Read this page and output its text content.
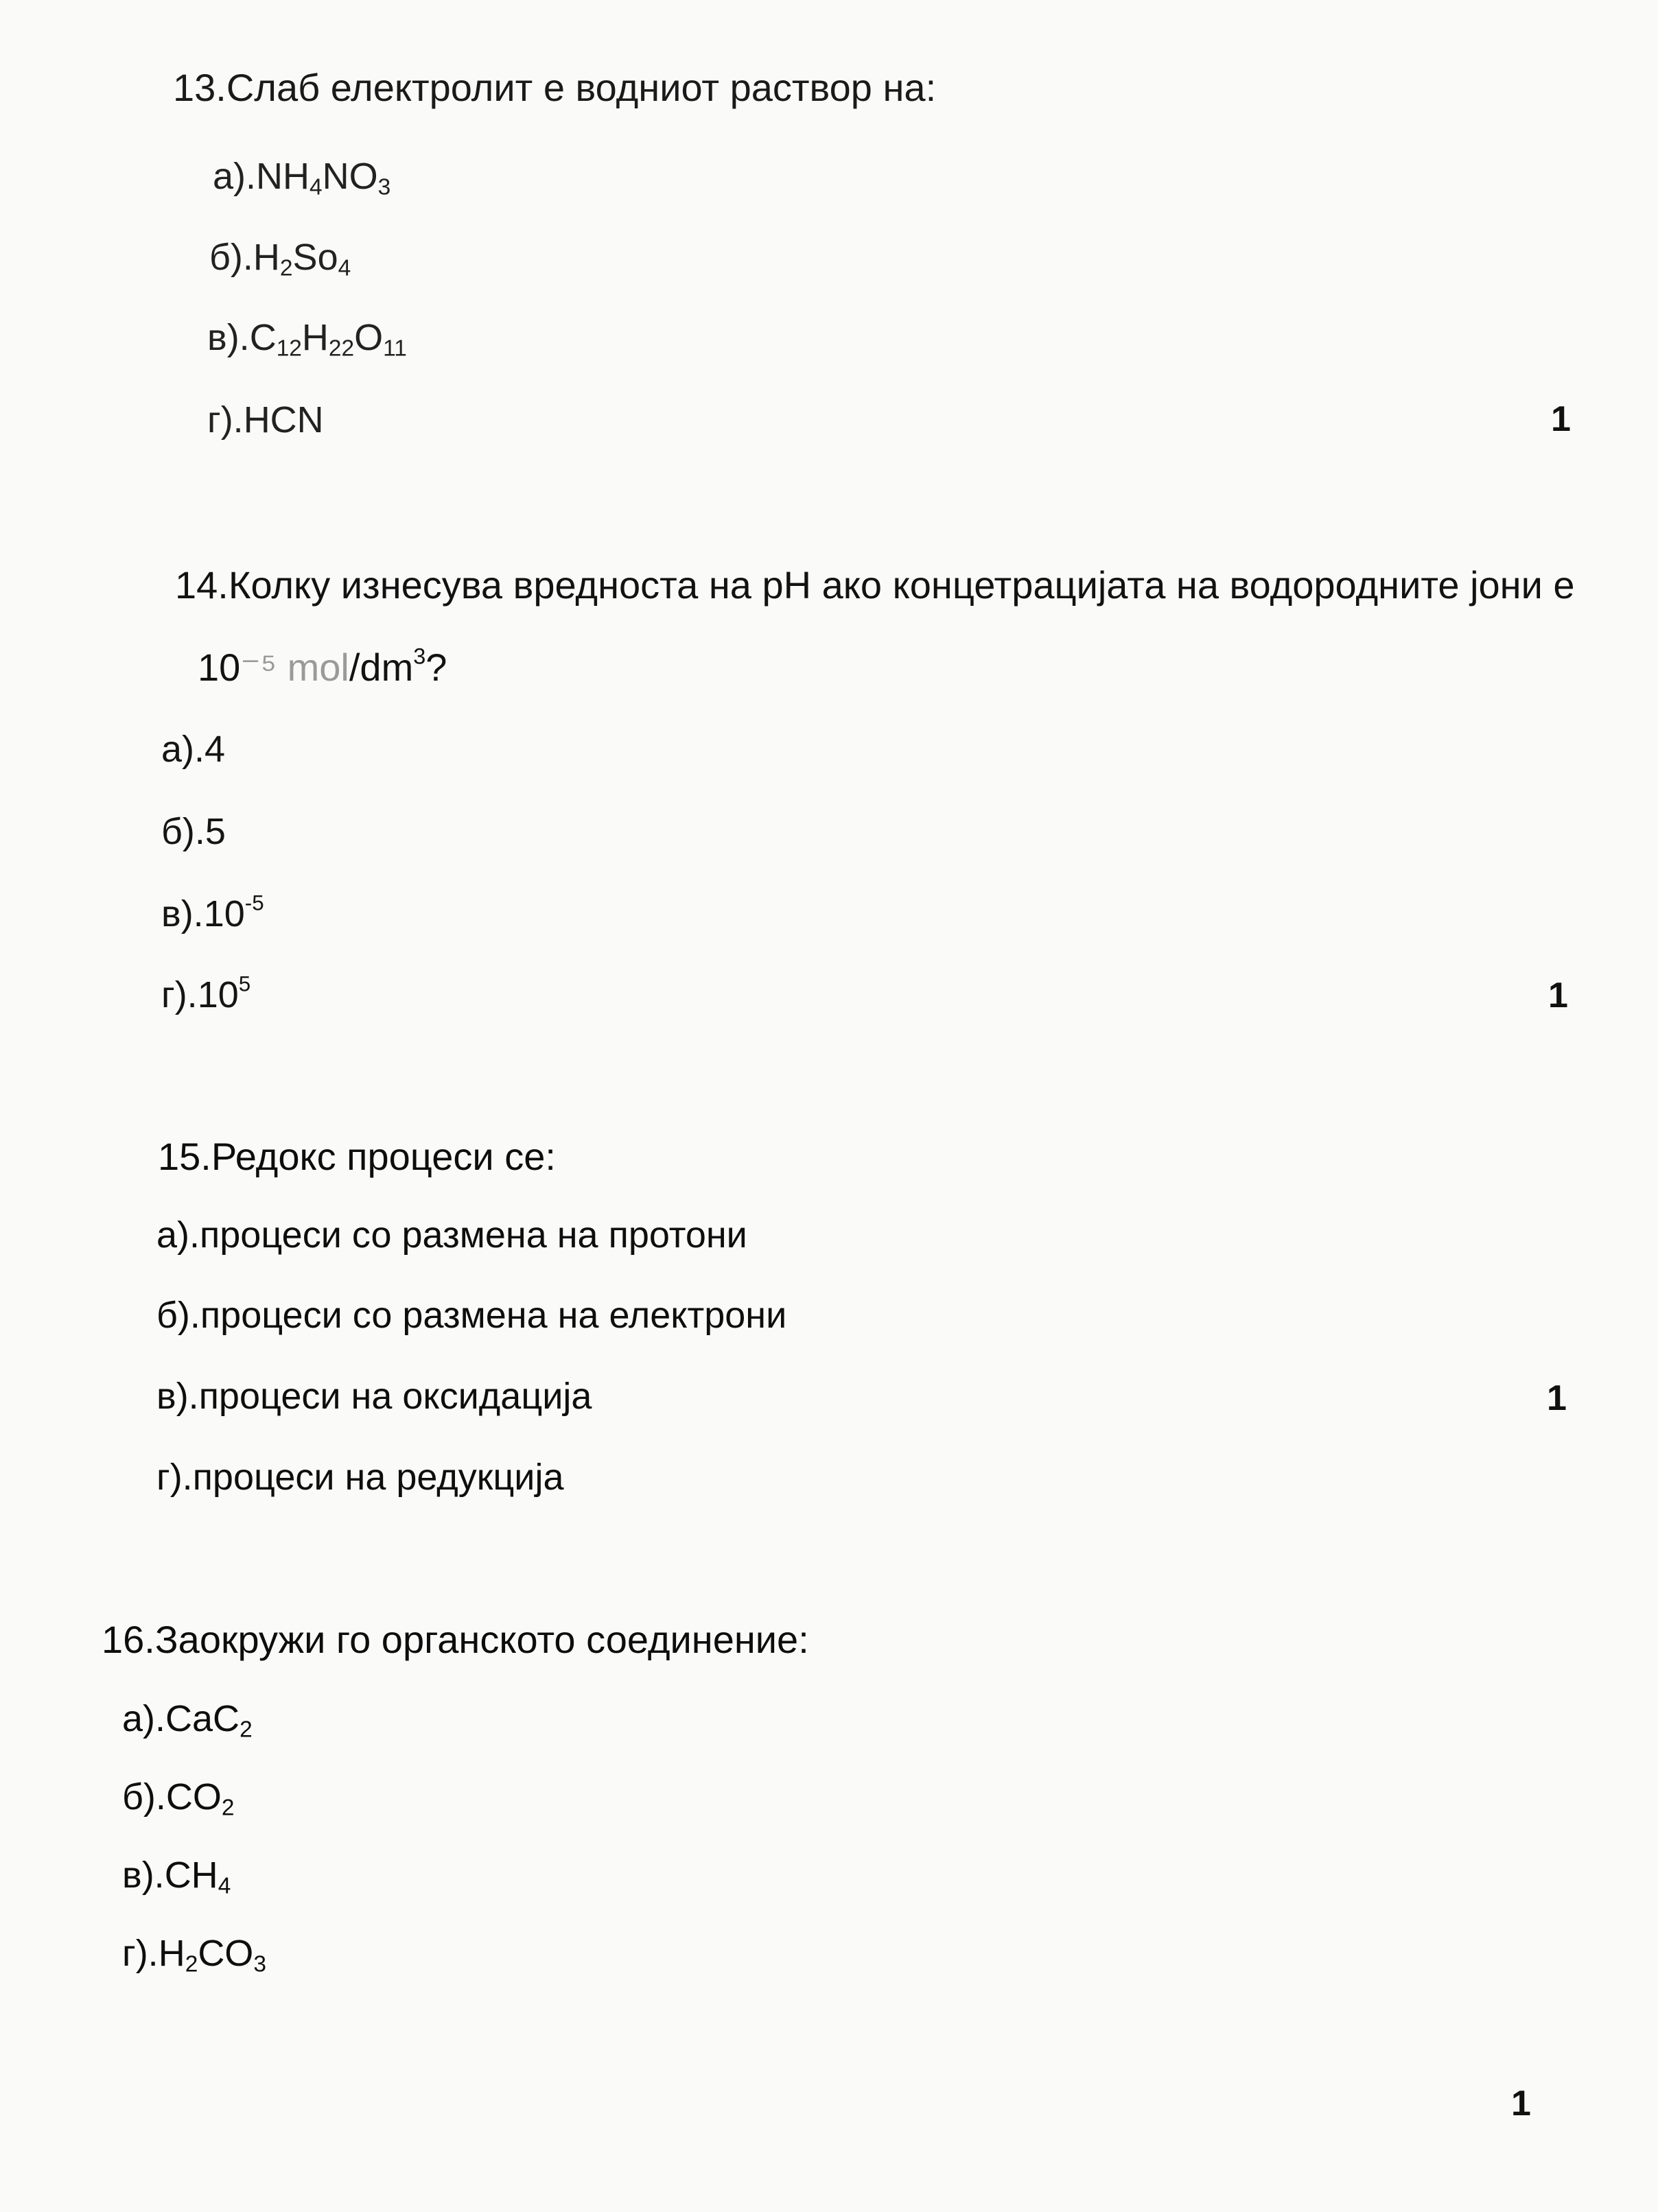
13.Слаб електролит е водниот раствор на:
$а).NH_4NO_3$
$б).H_2So_4$
$в).C_{12}H_{22}O_{11}$
г).HCN	1
14.Колку изнесува вредноста на pH ако концетрацијата на водородните јони е
10⁻⁵ mol/$dm^3$?
а).4
б).5
$в).10^{-5}$
$г).10^5$	1
15.Редокс процеси се:
а).процеси со размена на протони
б).процеси со размена на електрони
в).процеси на оксидација
г).процеси на редукција
1
16.Заокружи го органското соединение:
а).CaC$_2$
$б).CO_2$
$в).CH_4$
$г).H_2CO_3$
1
